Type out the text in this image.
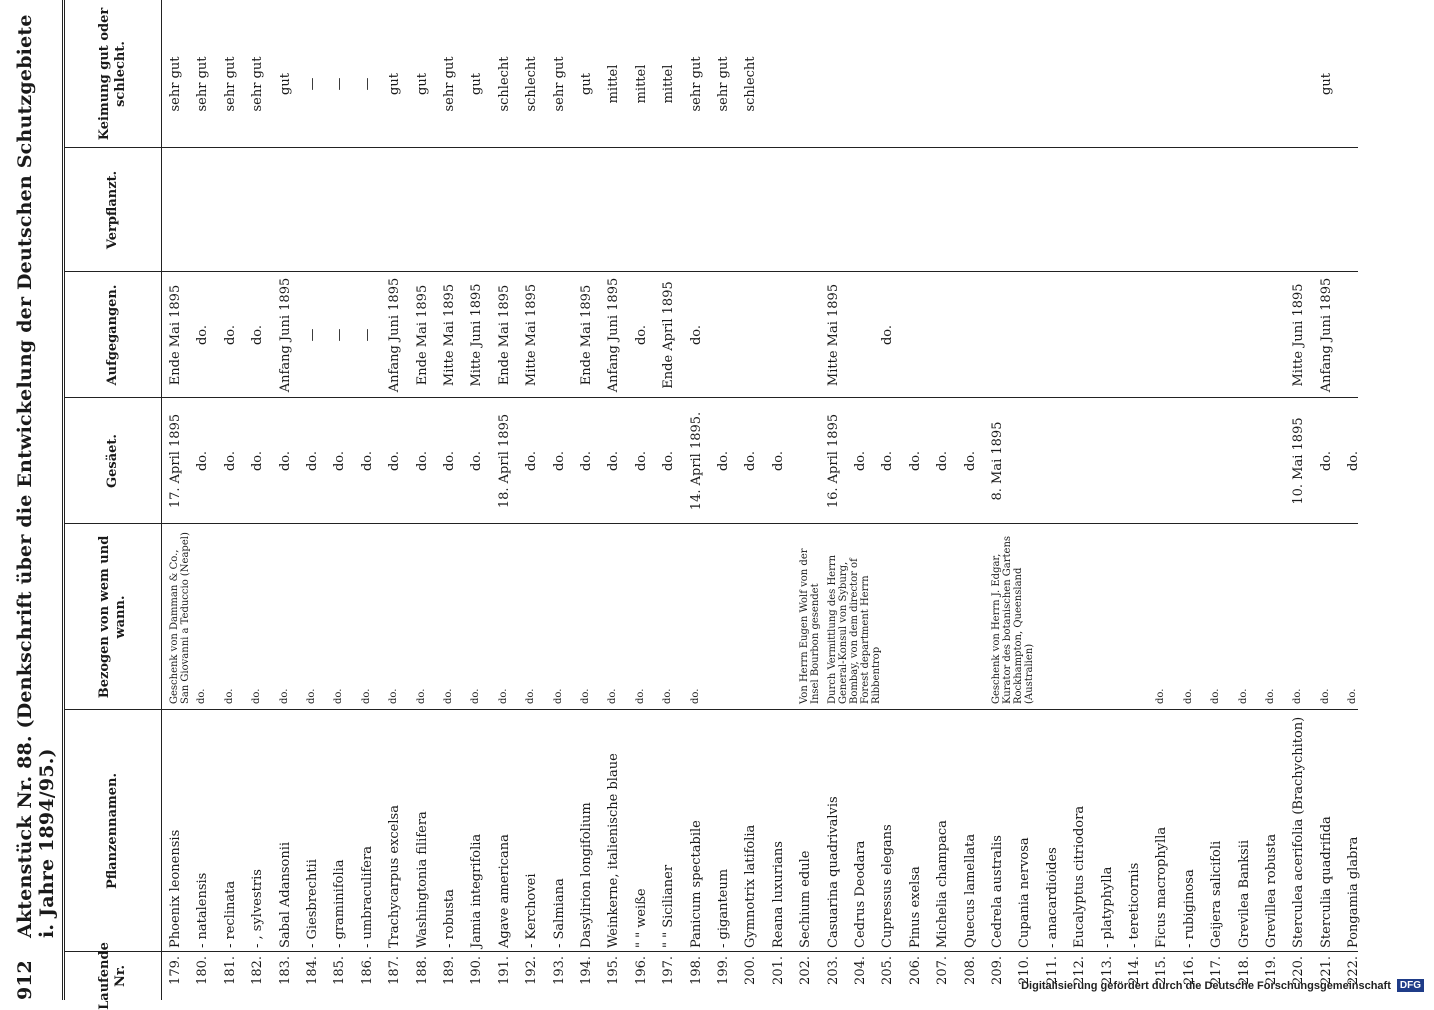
912
Aktenstück Nr. 88. (Denkschrift über die Entwickelung der Deutschen Schutzgebiete i. Jahre 1894/95.)
Laufende Nr.
Pflanzennamen.
Bezogen von wem und wann.
Gesäet.
Aufgegangen.
Verpflanzt.
Keimung gut oder schlecht.
179.
Phoenix leonensis
Geschenk von Damman & Co., San Giovanni a Teduccio (Neapel)
17. April 1895
Ende Mai 1895
sehr gut
180.
- natalensis
do.
do.
do.
sehr gut
181.
- reclinata
do.
do.
do.
sehr gut
182.
- , sylvestris
do.
do.
do.
sehr gut
183.
Sabal Adansonii
do.
do.
Anfang Juni 1895
gut
184.
- Giesbrechtii
do.
do.
—
—
185.
- graminifolia
do.
do.
—
—
186.
- umbraculifera
do.
do.
—
—
187.
Trachycarpus excelsa
do.
do.
Anfang Juni 1895
gut
188.
Washingtonia filifera
do.
do.
Ende Mai 1895
gut
189.
- robusta
do.
do.
Mitte Mai 1895
sehr gut
190.
Jamia integrifolia
do.
do.
Mitte Juni 1895
gut
191.
Agave americana
do.
18. April 1895
Ende Mai 1895
schlecht
192.
- Kerchovei
do.
do.
Mitte Mai 1895
schlecht
193.
- Salmiana
do.
do.
sehr gut
194.
Dasylirion longifolium
do.
do.
Ende Mai 1895
gut
195.
Weinkerne, italienische blaue
do.
do.
Anfang Juni 1895
mittel
196.
" " weiße
do.
do.
do.
mittel
197.
" " Sicilianer
do.
do.
Ende April 1895
mittel
198.
Panicum spectabile
do.
14. April 1895.
do.
sehr gut
199.
- giganteum
do.
sehr gut
200.
Gymnotrix latifolia
do.
schlecht
201.
Reana luxurians
do.
202.
Sechium edule
Von Herrn Eugen Wolf von der Insel Bourbon gesendet
203.
Casuarina quadrivalvis
Durch Vermittlung des Herrn General-Konsul von Syburg, Bombay, von dem director of Forest department Herrn Ribbentrop
16. April 1895
Mitte Mai 1895
204.
Cedrus Deodara
do.
205.
Cupressus elegans
do.
do.
206.
Pinus exelsa
do.
207.
Michelia champaca
do.
208.
Quecus lamellata
do.
209.
Cedrela australis
Geschenk von Herrn J. Edgar, Kurator des botanischen Gartens Rockhampton, Queensland (Australien)
8. Mai 1895
210.
Cupania nervosa
211.
- anacardioides
212.
Eucalyptus citriodora
213.
- platyphylla
214.
- tereticornis
215.
Ficus macrophylla
do.
216.
- rubiginosa
do.
217.
Geijera salicifoli
do.
218.
Grevilea Banksii
do.
219.
Grevillea robusta
do.
220.
Sterculea acerifolia (Brachychiton)
do.
10. Mai 1895
Mitte Juni 1895
221.
Sterculia quadrifida
do.
do.
Anfang Juni 1895
gut
222.
Pongamia glabra
do.
do.
Digitalisierung gefördert durch die Deutsche Forschungsgemeinschaft DFG
